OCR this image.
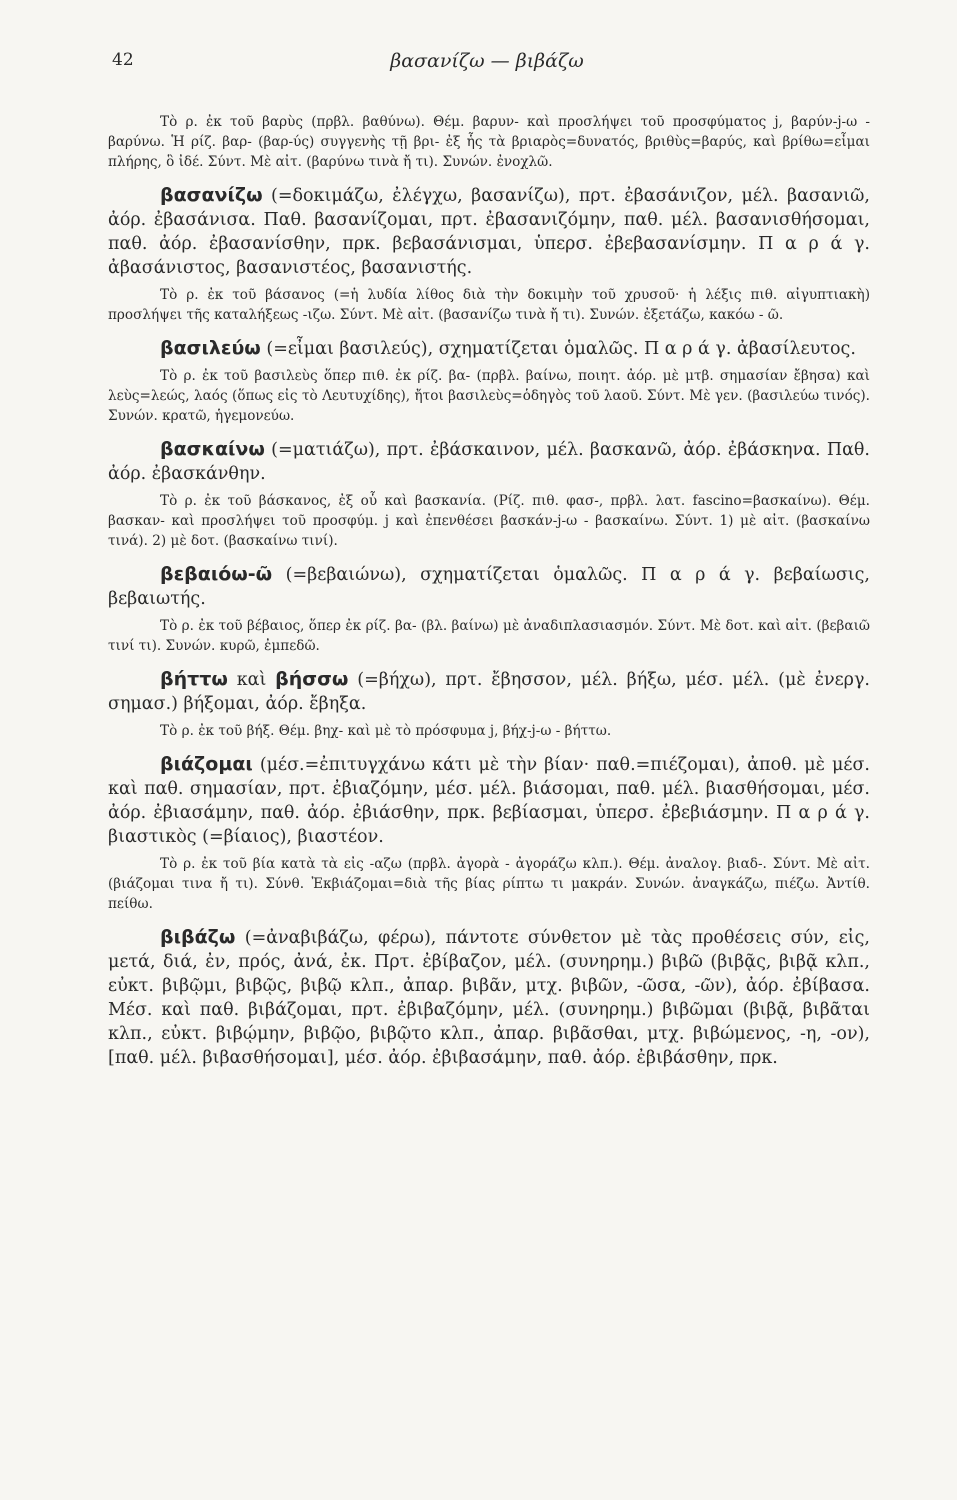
42	βασανίζω — βιβάζω

Τὸ ρ. ἐκ τοῦ βαρὺς (πρβλ. βαθύνω). Θέμ. βαρυν- καὶ προσλήψει τοῦ προσφύματος j, βαρύν-j-ω - βαρύνω. Ἡ ρίζ. βαρ- (βαρ-ύς) συγγενὴς τῇ βρι- ἐξ ἧς τὰ βριαρὸς=δυνατός, βριθὺς=βαρύς, καὶ βρίθω=εἶμαι πλήρης, ὃ ἰδέ. Σύντ. Μὲ αἰτ. (βαρύνω τινὰ ἤ τι). Συνών. ἐνοχλῶ.

βασανίζω (=δοκιμάζω, ἐλέγχω, βασανίζω), πρτ. ἐβασάνιζον, μέλ. βασανιῶ, ἀόρ. ἐβασάνισα. Παθ. βασανίζομαι, πρτ. ἐβασανιζόμην, παθ. μέλ. βασανισθήσομαι, παθ. ἀόρ. ἐβασανίσθην, πρκ. βεβασάνισμαι, ὑπερσ. ἐβεβασανίσμην. Π α ρ ά γ. ἀβασάνιστος, βασανιστέος, βασανιστής.

Τὸ ρ. ἐκ τοῦ βάσανος (=ἡ λυδία λίθος διὰ τὴν δοκιμὴν τοῦ χρυσοῦ· ἡ λέξις πιθ. αἰγυπτιακὴ) προσλήψει τῆς καταλήξεως -ιζω. Σύντ. Μὲ αἰτ. (βασανίζω τινὰ ἤ τι). Συνών. ἐξετάζω, κακόω - ῶ.

βασιλεύω (=εἶμαι βασιλεύς), σχηματίζεται ὁμαλῶς. Π α ρ ά γ. ἀβασίλευτος.

Τὸ ρ. ἐκ τοῦ βασιλεὺς ὅπερ πιθ. ἐκ ρίζ. βα- (πρβλ. βαίνω, ποιητ. ἀόρ. μὲ μτβ. σημασίαν ἔβησα) καὶ λεὺς=λεώς, λαός (ὅπως εἰς τὸ Λευτυχίδης), ἤτοι βασιλεὺς=ὁδηγὸς τοῦ λαοῦ. Σύντ. Μὲ γεν. (βασιλεύω τινός). Συνών. κρατῶ, ἡγεμονεύω.

βασκαίνω (=ματιάζω), πρτ. ἐβάσκαινον, μέλ. βασκανῶ, ἀόρ. ἐβάσκηνα. Παθ. ἀόρ. ἐβασκάνθην.

Τὸ ρ. ἐκ τοῦ βάσκανος, ἐξ οὗ καὶ βασκανία. (Ρίζ. πιθ. φασ-, πρβλ. λατ. fascino=βασκαίνω). Θέμ. βασκαν- καὶ προσλήψει τοῦ προσφύμ. j καὶ ἐπενθέσει βασκάν-j-ω - βασκαίνω. Σύντ. 1) μὲ αἰτ. (βασκαίνω τινά). 2) μὲ δοτ. (βασκαίνω τινί).

βεβαιόω-ῶ (=βεβαιώνω), σχηματίζεται ὁμαλῶς. Π α ρ ά γ. βεβαίωσις, βεβαιωτής.

Τὸ ρ. ἐκ τοῦ βέβαιος, ὅπερ ἐκ ρίζ. βα- (βλ. βαίνω) μὲ ἀναδιπλασιασμόν. Σύντ. Μὲ δοτ. καὶ αἰτ. (βεβαιῶ τινί τι). Συνών. κυρῶ, ἐμπεδῶ.

βήττω καὶ βήσσω (=βήχω), πρτ. ἔβησσον, μέλ. βήξω, μέσ. μέλ. (μὲ ἐνεργ. σημασ.) βήξομαι, ἀόρ. ἔβηξα.

Τὸ ρ. ἐκ τοῦ βήξ. Θέμ. βηχ- καὶ μὲ τὸ πρόσφυμα j, βήχ-j-ω - βήττω.

βιάζομαι (μέσ.=ἐπιτυγχάνω κάτι μὲ τὴν βίαν· παθ.=πιέζομαι), ἀποθ. μὲ μέσ. καὶ παθ. σημασίαν, πρτ. ἐβιαζόμην, μέσ. μέλ. βιάσομαι, παθ. μέλ. βιασθήσομαι, μέσ. ἀόρ. ἐβιασάμην, παθ. ἀόρ. ἐβιάσθην, πρκ. βεβίασμαι, ὑπερσ. ἐβεβιάσμην. Π α ρ ά γ. βιαστικὸς (=βίαιος), βιαστέον.

Τὸ ρ. ἐκ τοῦ βία κατὰ τὰ εἰς -αζω (πρβλ. ἀγορὰ - ἀγοράζω κλπ.). Θέμ. ἀναλογ. βιαδ-. Σύντ. Μὲ αἰτ. (βιάζομαι τινα ἤ τι). Σύνθ. Ἐκβιάζομαι=διὰ τῆς βίας ρίπτω τι μακράν. Συνών. ἀναγκάζω, πιέζω. Ἀντίθ. πείθω.

βιβάζω (=ἀναβιβάζω, φέρω), πάντοτε σύνθετον μὲ τὰς προθέσεις σύν, εἰς, μετά, διά, ἐν, πρός, ἀνά, ἐκ. Πρτ. ἐβίβαζον, μέλ. (συνηρημ.) βιβῶ (βιβᾷς, βιβᾷ κλπ., εὐκτ. βιβῷμι, βιβῷς, βιβῷ κλπ., ἀπαρ. βιβᾶν, μτχ. βιβῶν, -ῶσα, -ῶν), ἀόρ. ἐβίβασα. Μέσ. καὶ παθ. βιβάζομαι, πρτ. ἐβιβαζόμην, μέλ. (συνηρημ.) βιβῶμαι (βιβᾷ, βιβᾶται κλπ., εὐκτ. βιβῴμην, βιβῷο, βιβῷτο κλπ., ἀπαρ. βιβᾶσθαι, μτχ. βιβώμενος, -η, -ον), [παθ. μέλ. βιβασθήσομαι], μέσ. ἀόρ. ἐβιβασάμην, παθ. ἀόρ. ἐβιβάσθην, πρκ.
